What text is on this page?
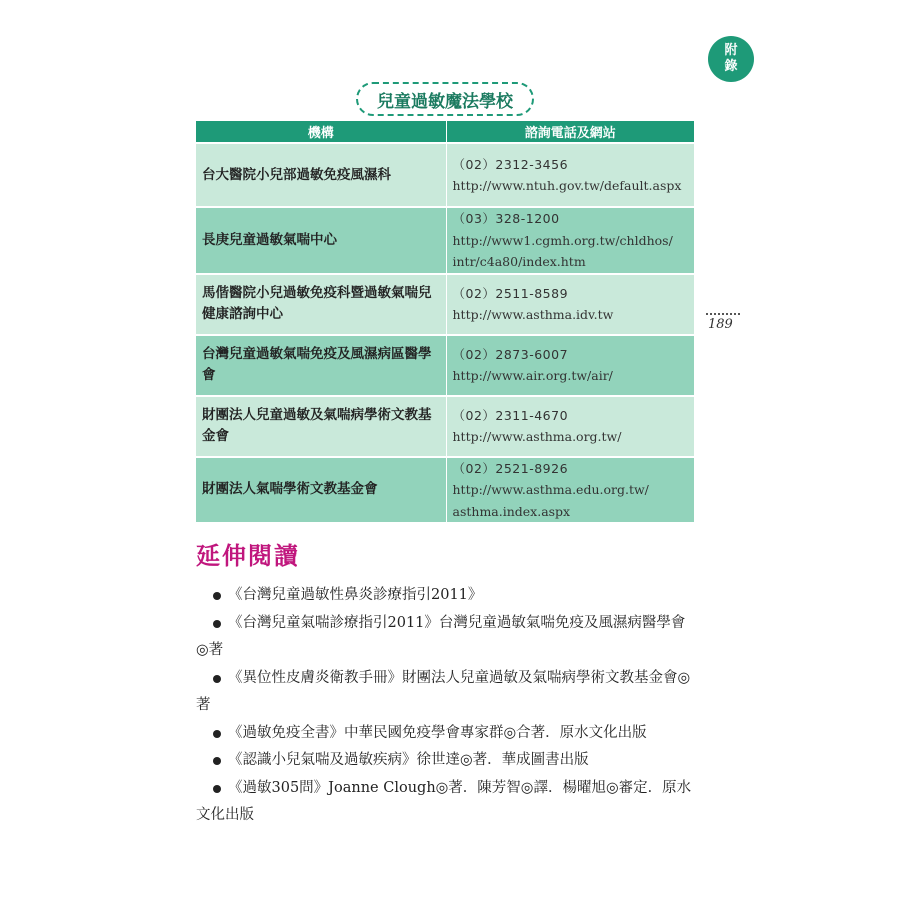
附
錄
189
兒童過敏魔法學校
機構	諮詢電話及網站
台大醫院小兒部過敏免疫風濕科	（02）2312-3456
http://www.ntuh.gov.tw/default.aspx

長庚兒童過敏氣喘中心	（03）328-1200
http://www1.cgmh.org.tw/chldhos/
intr/c4a80/index.htm

馬偕醫院小兒過敏免疫科暨過敏氣喘兒健康諮詢中心	（02）2511-8589
http://www.asthma.idv.tw

台灣兒童過敏氣喘免疫及風濕病區醫學會	（02）2873-6007
http://www.air.org.tw/air/

財團法人兒童過敏及氣喘病學術文教基金會	（02）2311-4670
http://www.asthma.org.tw/

財團法人氣喘學術文教基金會	（02）2521-8926
http://www.asthma.edu.org.tw/
asthma.index.aspx
延伸閱讀
《台灣兒童過敏性鼻炎診療指引2011》
《台灣兒童氣喘診療指引2011》台灣兒童過敏氣喘免疫及風濕病醫學會◎著
《異位性皮膚炎衛教手冊》財團法人兒童過敏及氣喘病學術文教基金會◎著
《過敏免疫全書》中華民國免疫學會專家群◎合著．原水文化出版
《認識小兒氣喘及過敏疾病》徐世達◎著．華成圖書出版
《過敏305問》Joanne Clough◎著．陳芳智◎譯．楊曜旭◎審定．原水文化出版
